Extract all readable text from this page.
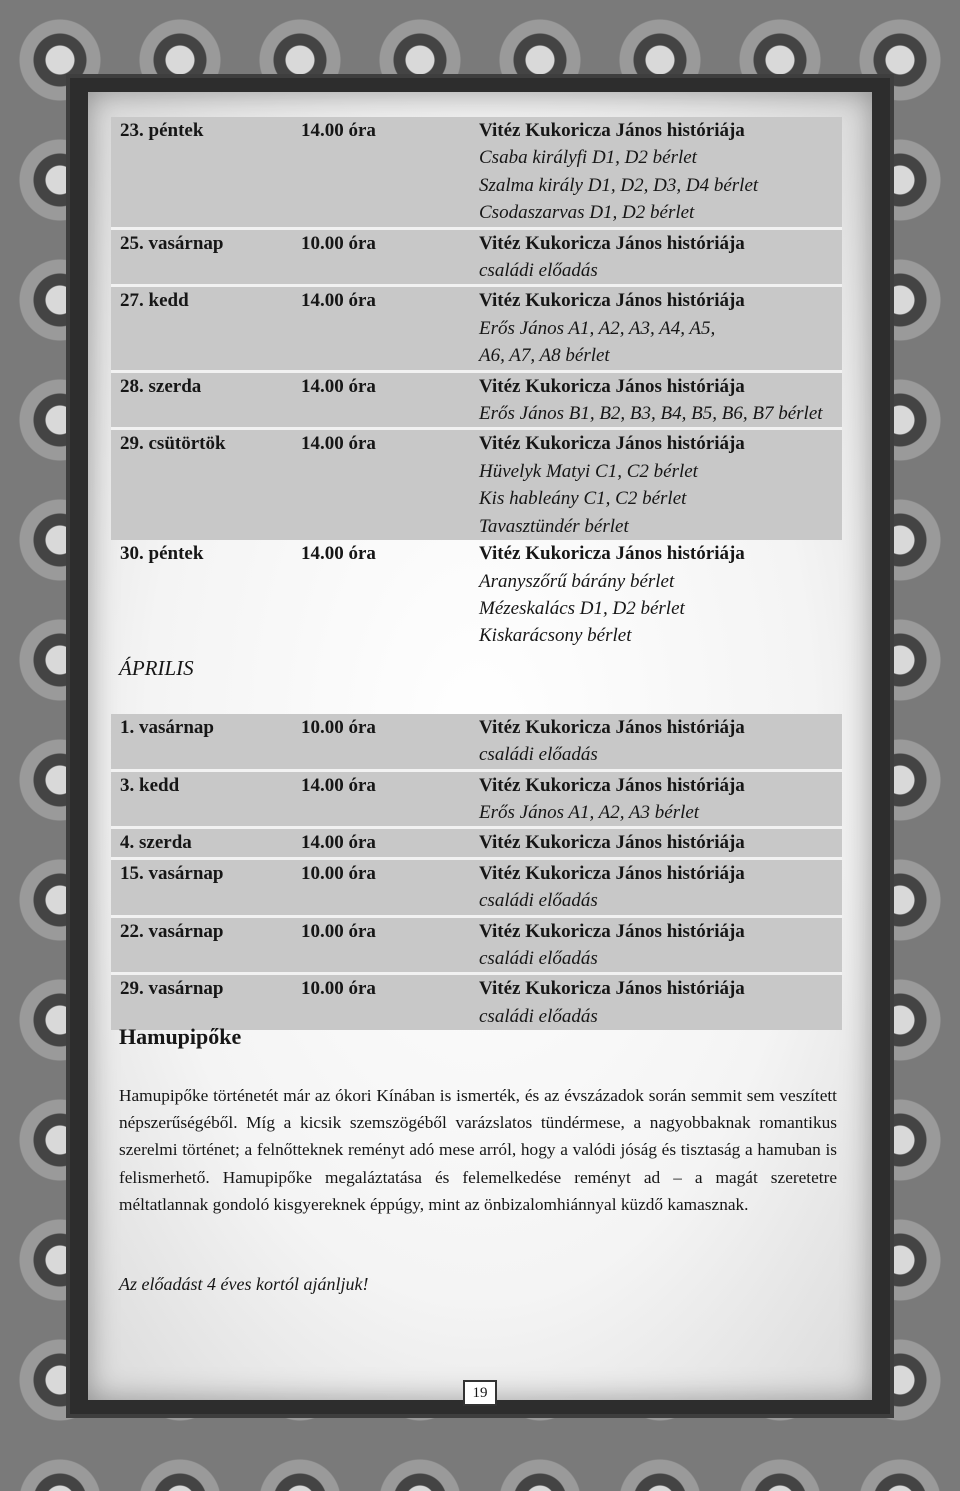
23. péntek	14.00 óra	Vitéz Kukoricza János históriája
Csaba királyfi D1, D2 bérlet
Szalma király D1, D2, D3, D4 bérlet
Csodaszarvas D1, D2 bérlet
25. vasárnap	10.00 óra	Vitéz Kukoricza János históriája
családi előadás
27. kedd	14.00 óra	Vitéz Kukoricza János históriája
Erős János A1, A2, A3, A4, A5,
A6, A7, A8 bérlet
28. szerda	14.00 óra	Vitéz Kukoricza János históriája
Erős János B1, B2, B3, B4, B5, B6, B7 bérlet
29. csütörtök	14.00 óra	Vitéz Kukoricza János históriája
Hüvelyk Matyi C1, C2 bérlet
Kis hableány C1, C2 bérlet
Tavasztündér bérlet
30. péntek	14.00 óra	Vitéz Kukoricza János históriája
Aranyszőrű bárány bérlet
Mézeskalács D1, D2 bérlet
Kiskarácsony bérlet
ÁPRILIS
1. vasárnap	10.00 óra	Vitéz Kukoricza János históriája
családi előadás
3. kedd	14.00 óra	Vitéz Kukoricza János históriája
Erős János A1, A2, A3 bérlet
4. szerda	14.00 óra	Vitéz Kukoricza János históriája
15. vasárnap	10.00 óra	Vitéz Kukoricza János históriája
családi előadás
22. vasárnap	10.00 óra	Vitéz Kukoricza János históriája
családi előadás
29. vasárnap	10.00 óra	Vitéz Kukoricza János históriája
családi előadás
Hamupipőke
Hamupipőke történetét már az ókori Kínában is ismerték, és az évszázadok során semmit sem veszített népszerűségéből. Míg a kicsik szemszögéből varázslatos tündérmese, a nagyobbaknak romantikus szerelmi történet; a felnőtteknek reményt adó mese arról, hogy a valódi jóság és tisztaság a hamuban is felismerhető. Hamupipőke megaláztatása és felemelkedése reményt ad – a magát szeretetre méltatlannak gondoló kisgyereknek éppúgy, mint az önbizalomhiánnyal küzdő kamasznak.
Az előadást 4 éves kortól ajánljuk!
19
